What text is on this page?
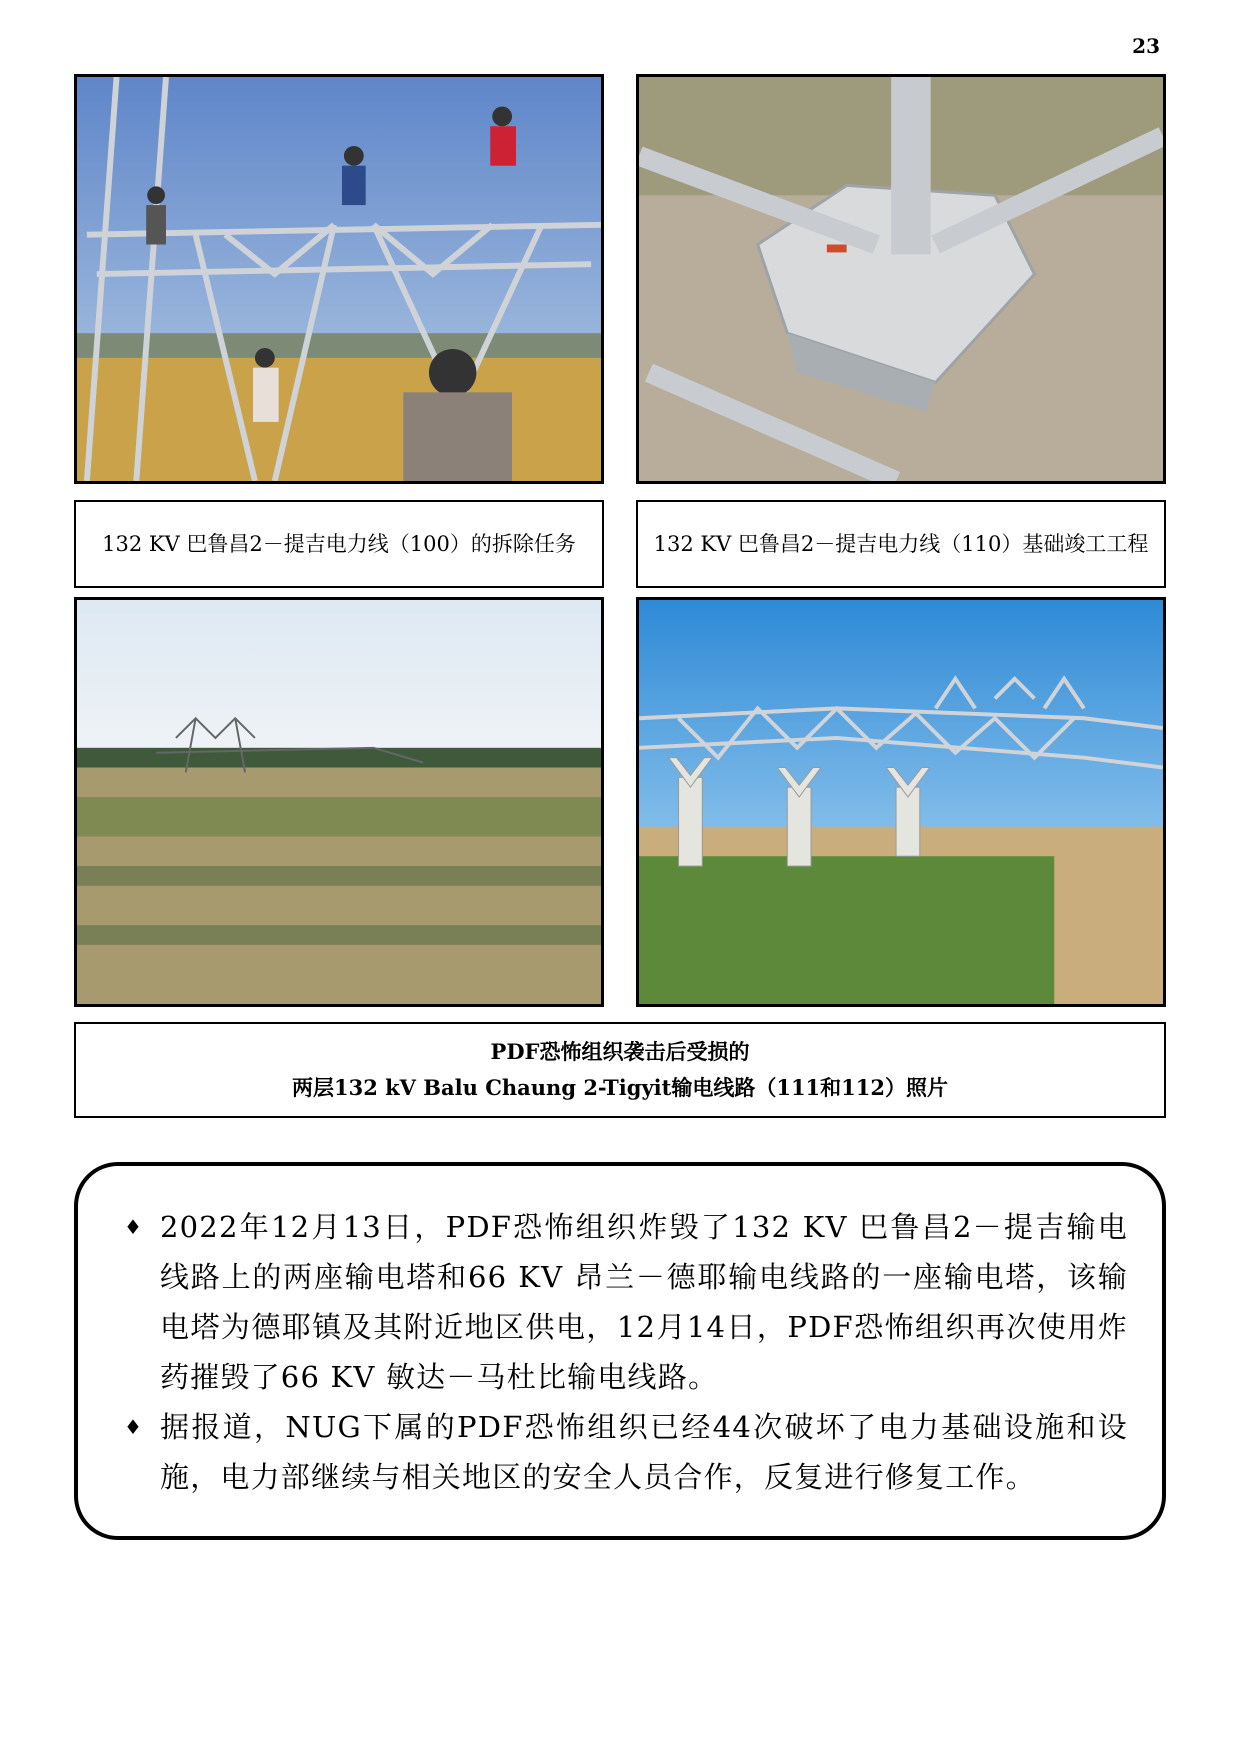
23
132 KV 巴鲁昌2－提吉电力线（100）的拆除任务	132 KV 巴鲁昌2－提吉电力线（110）基础竣工工程
PDF恐怖组织袭击后受损的
两层132 kV Balu Chaung 2-Tigyit输电线路（111和112）照片
♦ 2022年12月13日，PDF恐怖组织炸毁了132 KV 巴鲁昌2－提吉输电线路上的两座输电塔和66 KV 昂兰－德耶输电线路的一座输电塔，该输电塔为德耶镇及其附近地区供电，12月14日，PDF恐怖组织再次使用炸药摧毁了66 KV 敏达－马杜比输电线路。
♦ 据报道，NUG下属的PDF恐怖组织已经44次破坏了电力基础设施和设施，电力部继续与相关地区的安全人员合作，反复进行修复工作。
